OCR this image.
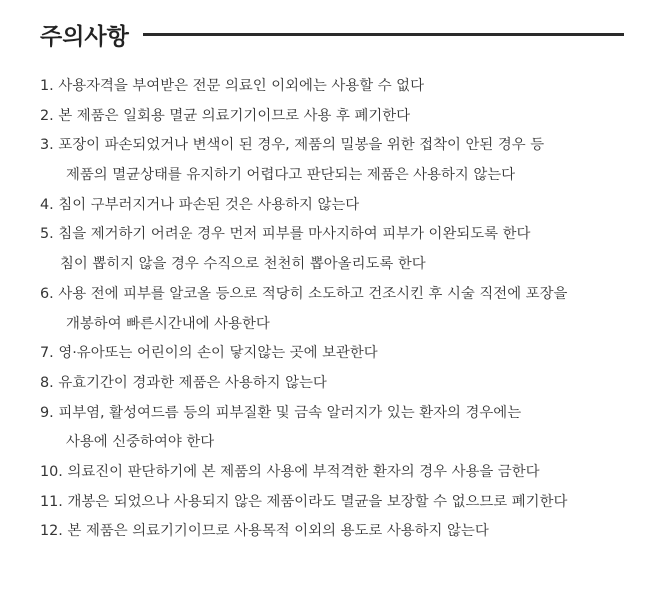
주의사항
1. 사용자격을 부여받은 전문 의료인 이외에는 사용할 수 없다
2. 본 제품은 일회용 멸균 의료기기이므로 사용 후 폐기한다
3. 포장이 파손되었거나 변색이 된 경우, 제품의 밀봉을 위한 접착이 안된 경우 등
제품의 멸균상태를 유지하기 어렵다고 판단되는 제품은 사용하지 않는다
4. 침이 구부러지거나 파손된 것은 사용하지 않는다
5. 침을 제거하기 어려운 경우 먼저 피부를 마사지하여 피부가 이완되도록 한다
침이 뽑히지 않을 경우 수직으로 천천히 뽑아올리도록 한다
6. 사용 전에 피부를 알코올 등으로 적당히 소도하고 건조시킨 후 시술 직전에 포장을
개봉하여 빠른시간내에 사용한다
7. 영·유아또는 어린이의 손이 닿지않는 곳에 보관한다
8. 유효기간이 경과한 제품은 사용하지 않는다
9. 피부염, 활성여드름 등의 피부질환 및 금속 알러지가 있는 환자의 경우에는
사용에 신중하여야 한다
10. 의료진이 판단하기에 본 제품의 사용에 부적격한 환자의 경우 사용을 금한다
11. 개봉은 되었으나 사용되지 않은 제품이라도 멸균을 보장할 수 없으므로 폐기한다
12. 본 제품은 의료기기이므로 사용목적 이외의 용도로 사용하지 않는다
